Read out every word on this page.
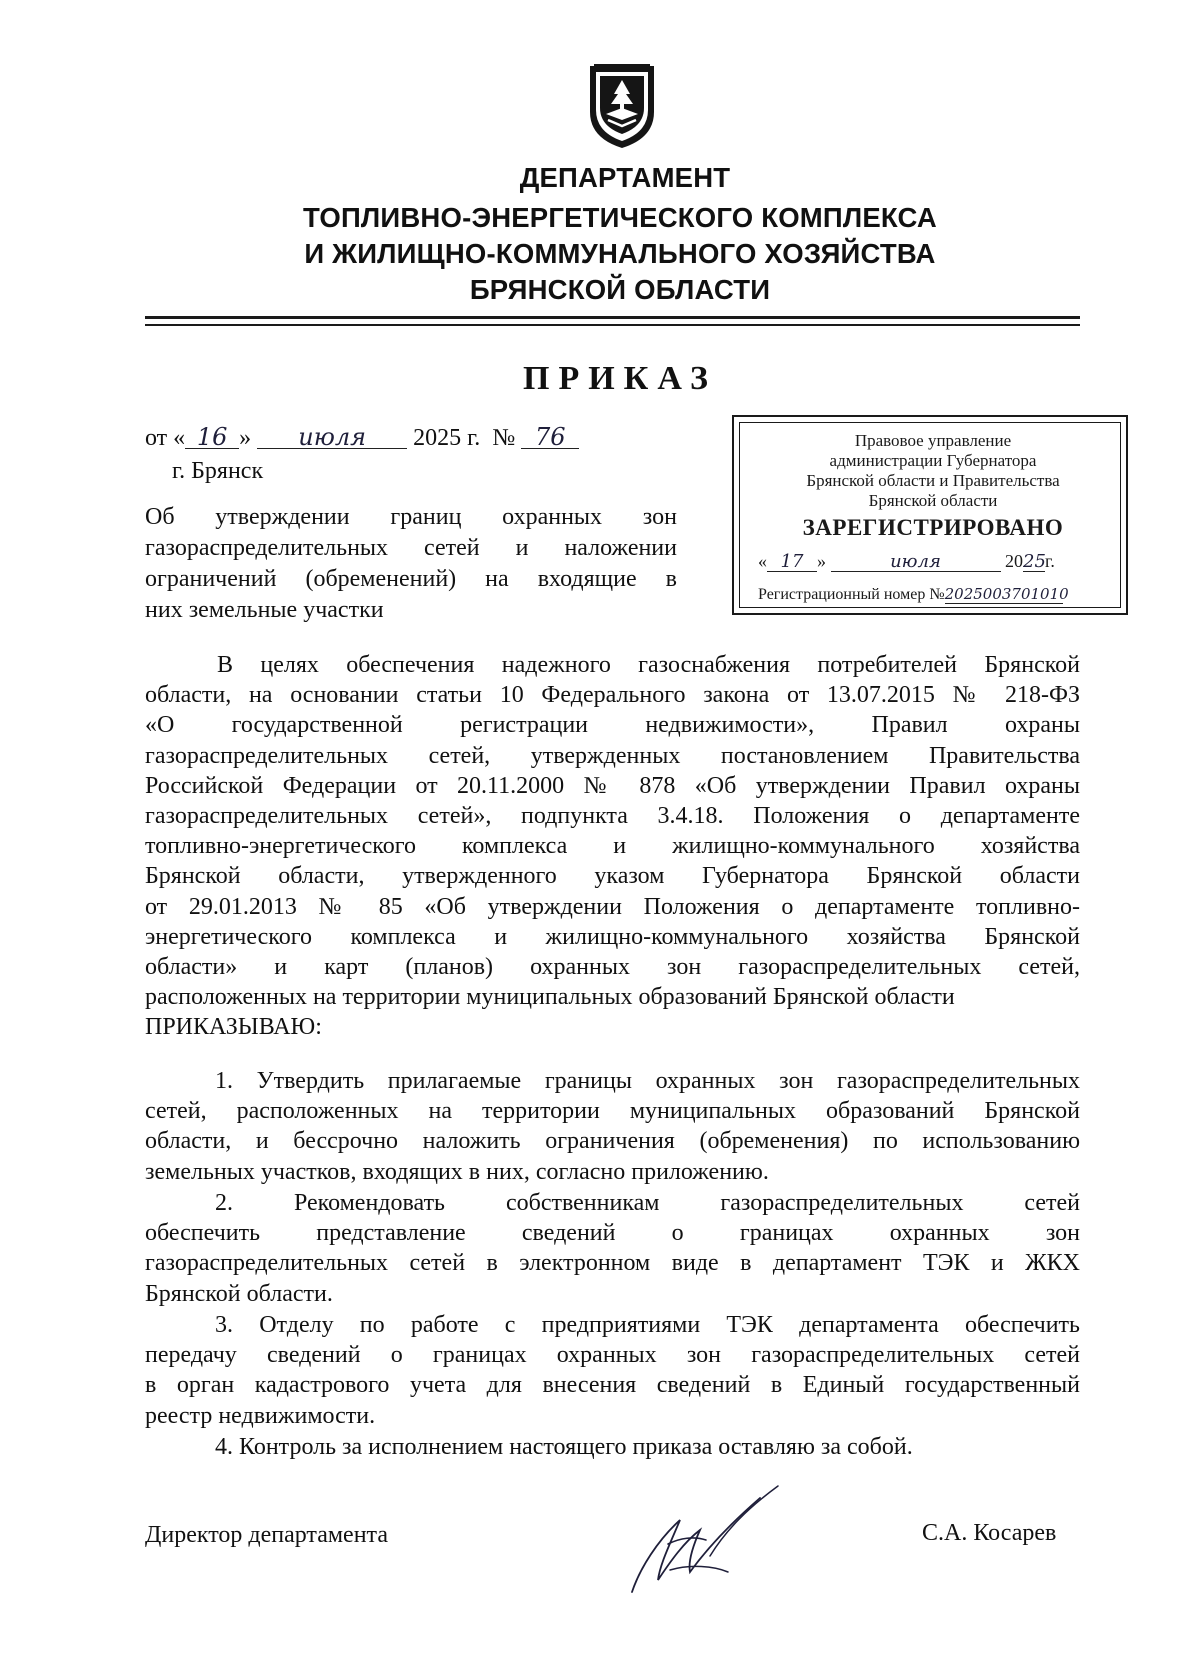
ДЕПАРТАМЕНТ
ТОПЛИВНО-ЭНЕРГЕТИЧЕСКОГО КОМПЛЕКСА
И ЖИЛИЩНО-КОММУНАЛЬНОГО ХОЗЯЙСТВА
БРЯНСКОЙ ОБЛАСТИ
ПРИКАЗ
от « 16 » июля 2025 г. № 76
г. Брянск
Об утверждении границ охранных зон
газораспределительных сетей и наложении
ограничений (обременений) на входящие в
них земельные участки
Правовое управление
администрации Губернатора
Брянской области и Правительства
Брянской области
ЗАРЕГИСТРИРОВАНО
« 17 »	июля	2025г.
Регистрационный номер №2025003701010
В целях обеспечения надежного газоснабжения потребителей Брянской
области, на основании статьи 10 Федерального закона от 13.07.2015 № 218-ФЗ
«О государственной регистрации недвижимости», Правил охраны
газораспределительных сетей, утвержденных постановлением Правительства
Российской Федерации от 20.11.2000 № 878 «Об утверждении Правил охраны
газораспределительных сетей», подпункта 3.4.18. Положения о департаменте
топливно-энергетического комплекса и жилищно-коммунального хозяйства
Брянской области, утвержденного указом Губернатора Брянской области
от 29.01.2013 № 85 «Об утверждении Положения о департаменте топливно-
энергетического комплекса и жилищно-коммунального хозяйства Брянской
области» и карт (планов) охранных зон газораспределительных сетей,
расположенных на территории муниципальных образований Брянской области
ПРИКАЗЫВАЮ:
1. Утвердить прилагаемые границы охранных зон газораспределительных
сетей, расположенных на территории муниципальных образований Брянской
области, и бессрочно наложить ограничения (обременения) по использованию
земельных участков, входящих в них, согласно приложению.
2. Рекомендовать собственникам газораспределительных сетей
обеспечить представление сведений о границах охранных зон
газораспределительных сетей в электронном виде в департамент ТЭК и ЖКХ
Брянской области.
3. Отделу по работе с предприятиями ТЭК департамента обеспечить
передачу сведений о границах охранных зон газораспределительных сетей
в орган кадастрового учета для внесения сведений в Единый государственный
реестр недвижимости.
4. Контроль за исполнением настоящего приказа оставляю за собой.
Директор департамента	С.А. Косарев
